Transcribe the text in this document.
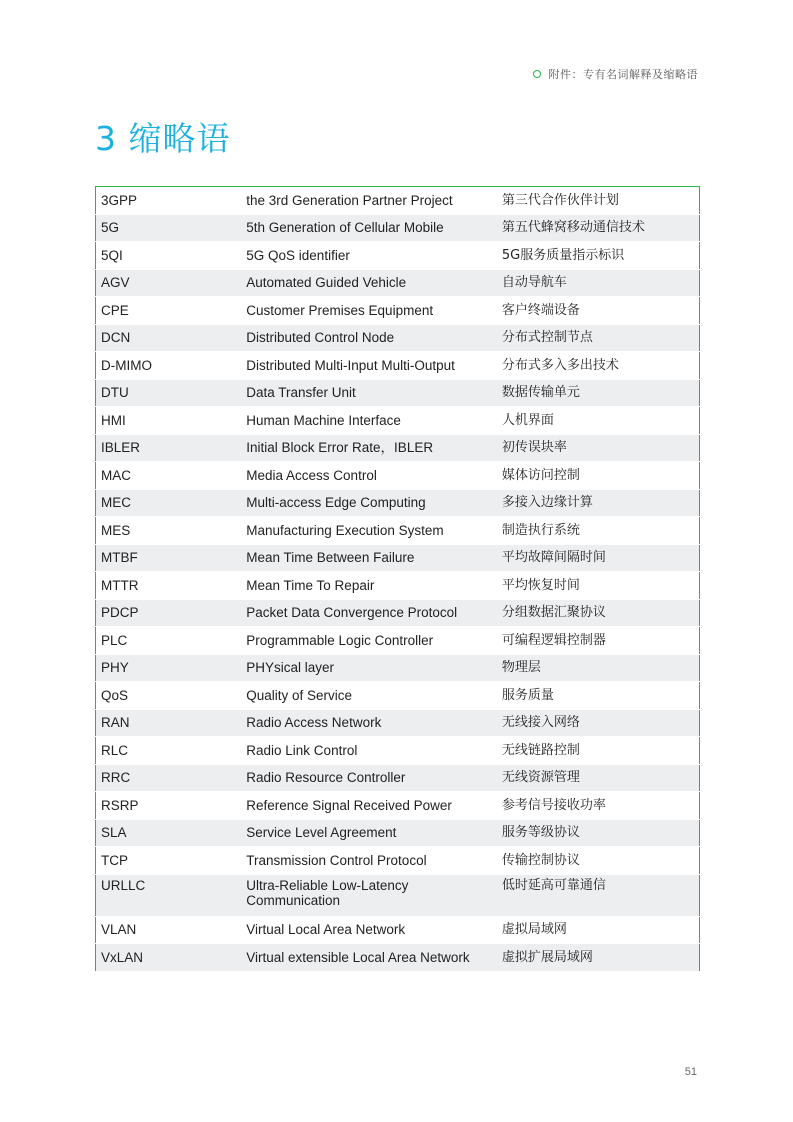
附件：专有名词解释及缩略语
3 缩略语
3GPP	the 3rd Generation Partner Project	第三代合作伙伴计划
5G	5th Generation of Cellular Mobile	第五代蜂窝移动通信技术
5QI	5G QoS identifier	5G服务质量指示标识
AGV	Automated Guided Vehicle	自动导航车
CPE	Customer Premises Equipment	客户终端设备
DCN	Distributed Control Node	分布式控制节点
D-MIMO	Distributed Multi-Input Multi-Output	分布式多入多出技术
DTU	Data Transfer Unit	数据传输单元
HMI	Human Machine Interface	人机界面
IBLER	Initial Block Error Rate，IBLER	初传误块率
MAC	Media Access Control	媒体访问控制
MEC	Multi-access Edge Computing	多接入边缘计算
MES	Manufacturing Execution System	制造执行系统
MTBF	Mean Time Between Failure	平均故障间隔时间
MTTR	Mean Time To Repair	平均恢复时间
PDCP	Packet Data Convergence Protocol	分组数据汇聚协议
PLC	Programmable Logic Controller	可编程逻辑控制器
PHY	PHYsical layer	物理层
QoS	Quality of Service	服务质量
RAN	Radio Access Network	无线接入网络
RLC	Radio Link Control	无线链路控制
RRC	Radio Resource Controller	无线资源管理
RSRP	Reference Signal Received Power	参考信号接收功率
SLA	Service Level Agreement	服务等级协议
TCP	Transmission Control Protocol	传输控制协议
URLLC	Ultra-Reliable Low-Latency Communication	低时延高可靠通信
VLAN	Virtual Local Area Network	虚拟局域网
VxLAN	Virtual extensible Local Area Network	虚拟扩展局域网
51
